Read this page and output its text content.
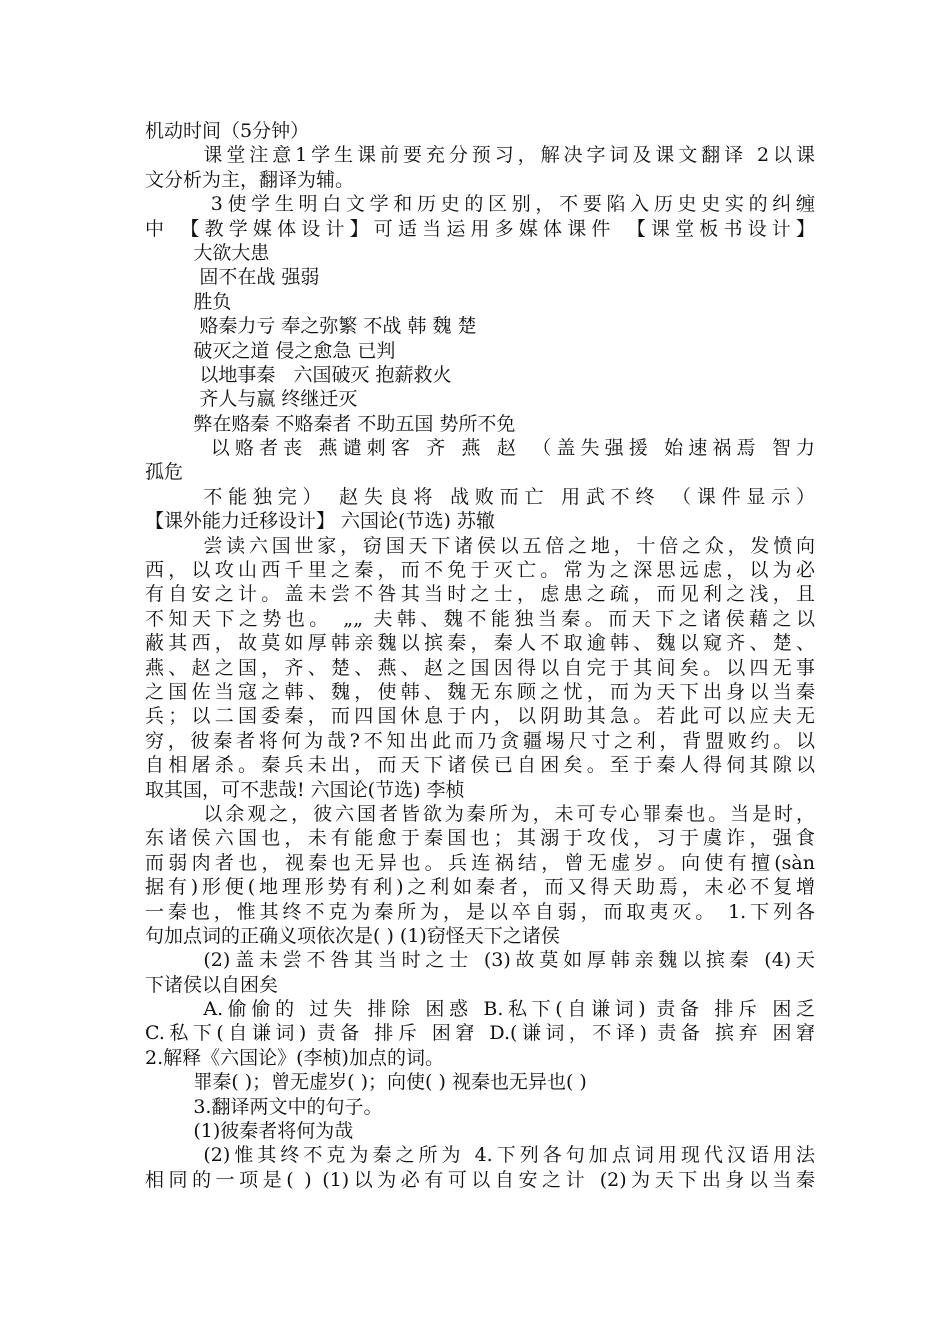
机动时间（5分钟）
课堂注意1学生课前要充分预习，解决字词及课文翻译 2以课
文分析为主，翻译为辅。
3使学生明白文学和历史的区别，不要陷入历史史实的纠缠
中 【教学媒体设计】可适当运用多媒体课件 【课堂板书设计】
大欲大患
固不在战 强弱
胜负
赂秦力亏 奉之弥繁 不战 韩 魏 楚
破灭之道 侵之愈急 已判
以地事秦   六国破灭 抱薪救火
齐人与嬴 终继迁灭
弊在赂秦 不赂秦者 不助五国 势所不免
以赂者丧 燕谴刺客 齐 燕 赵 （盖失强援 始速祸焉 智力
孤危
不能独完） 赵失良将 战败而亡 用武不终 （课件显示）
【课外能力迁移设计】 六国论(节选) 苏辙
尝读六国世家，窃国天下诸侯以五倍之地，十倍之众，发愤向
西，以攻山西千里之秦，而不免于灭亡。常为之深思远虑，以为必
有自安之计。盖未尝不咎其当时之士，虑患之疏，而见利之浅，且
不知天下之势也。 „„ 夫韩、魏不能独当秦。而天下之诸侯藉之以
蔽其西，故莫如厚韩亲魏以摈秦，秦人不取逾韩、魏以窥齐、楚、
燕、赵之国，齐、楚、燕、赵之国因得以自完于其间矣。以四无事
之国佐当寇之韩、魏，使韩、魏无东顾之忧，而为天下出身以当秦
兵；以二国委秦，而四国休息于内，以阴助其急。若此可以应夫无
穷，彼秦者将何为哉?不知出此而乃贪疆埸尺寸之利，背盟败约。以
自相屠杀。秦兵未出，而天下诸侯已自困矣。至于秦人得伺其隙以
取其国，可不悲哉! 六国论(节选) 李桢
以余观之，彼六国者皆欲为秦所为，未可专心罪秦也。当是时，
东诸侯六国也，未有能愈于秦国也；其溺于攻伐，习于虞诈，强食
而弱肉者也，视秦也无异也。兵连祸结，曾无虚岁。向使有擅(sàn
据有)形便(地理形势有利)之利如秦者，而又得天助焉，未必不复增
一秦也，惟其终不克为秦所为，是以卒自弱，而取夷灭。 1.下列各
句加点词的正确义项依次是( ) (1)窃怪天下之诸侯
(2)盖未尝不咎其当时之士 (3)故莫如厚韩亲魏以摈秦 (4)天
下诸侯以自困矣
A.偷偷的 过失 排除 困惑 B.私下(自谦词) 责备 排斥 困乏
C.私下(自谦词) 责备 排斥 困窘 D.(谦词，不译) 责备 摈弃 困窘
2.解释《六国论》(李桢)加点的词。
罪秦( )；曾无虚岁( )；向使( ) 视秦也无异也( )
3.翻译两文中的句子。
(1)彼秦者将何为哉
(2)惟其终不克为秦之所为 4.下列各句加点词用现代汉语用法
相同的一项是( ) (1)以为必有可以自安之计 (2)为天下出身以当秦
